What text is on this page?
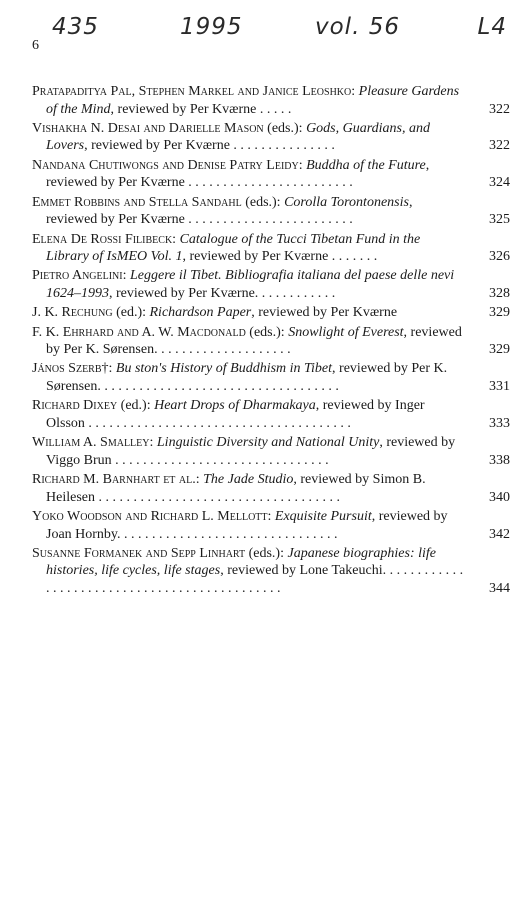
435	1995	vol. 56	L4
6
Pratapaditya Pal, Stephen Markel and Janice Leoshko: Pleasure Gardens of the Mind, reviewed by Per Kværne . . . . .	322
Vishakha N. Desai and Darielle Mason (eds.): Gods, Guardians, and Lovers, reviewed by Per Kværne . . . . . . . . . . . . . . .	322
Nandana Chutiwongs and Denise Patry Leidy: Buddha of the Future, reviewed by Per Kværne . . . . . . . . . . . . . . . . . . . . . . . .	324
Emmet Robbins and Stella Sandahl (eds.): Corolla Torontonensis, reviewed by Per Kværne . . . . . . . . . . . . . . . . . . . . . . . .	325
Elena De Rossi Filibeck: Catalogue of the Tucci Tibetan Fund in the Library of IsMEO Vol. 1, reviewed by Per Kværne . . . . . . .	326
Pietro Angelini: Leggere il Tibet. Bibliografia italiana del paese delle nevi 1624–1993, reviewed by Per Kværne. . . . . . . . . . . .	328
J. K. Rechung (ed.): Richardson Paper, reviewed by Per Kværne	329
F. K. Ehrhard and A. W. Macdonald (eds.): Snowlight of Everest, reviewed by Per K. Sørensen. . . . . . . . . . . . . . . . . . . .	329
János Szerb†: Bu ston's History of Buddhism in Tibet, reviewed by Per K. Sørensen. . . . . . . . . . . . . . . . . . . . . . . . . . . . . . . . . . .	331
Richard Dixey (ed.): Heart Drops of Dharmakaya, reviewed by Inger Olsson . . . . . . . . . . . . . . . . . . . . . . . . . . . . . . . . . . . . . .	333
William A. Smalley: Linguistic Diversity and National Unity, reviewed by Viggo Brun . . . . . . . . . . . . . . . . . . . . . . . . . . . . . . .	338
Richard M. Barnhart et al.: The Jade Studio, reviewed by Simon B. Heilesen . . . . . . . . . . . . . . . . . . . . . . . . . . . . . . . . . . .	340
Yoko Woodson and Richard L. Mellott: Exquisite Pursuit, reviewed by Joan Hornby. . . . . . . . . . . . . . . . . . . . . . . . . . . . . . . .	342
Susanne Formanek and Sepp Linhart (eds.): Japanese biographies: life histories, life cycles, life stages, reviewed by Lone Takeuchi. . . . . . . . . . . . . . . . . . . . . . . . . . . . . . . . . . . . . . . . . . . . . .	344
